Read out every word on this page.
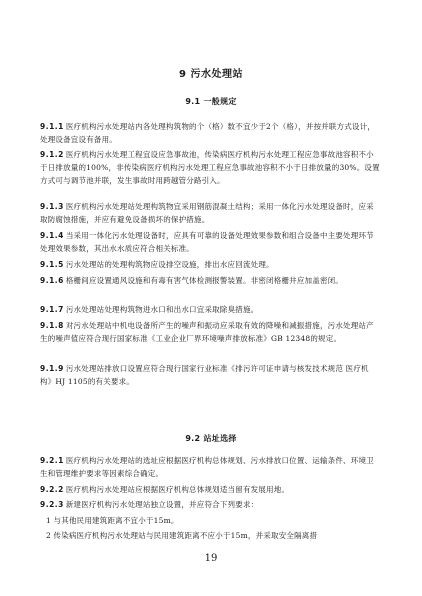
9 污水处理站
9.1 一般规定
9.1.1 医疗机构污水处理站内各处理构筑物的个（格）数不宜少于2个（格），并按并联方式设计，处理设备宜设有备用。
9.1.2 医疗机构污水处理工程宜设应急事故池，传染病医疗机构污水处理工程应急事故池容积不小于日排放量的100%，非传染病医疗机构污水处理工程应急事故池容积不小于日排放量的30%。设置方式可与调节池并联，发生事故时用跨越管分路引入。
9.1.3 医疗机构污水处理站处理构筑物宜采用钢筋混凝土结构；采用一体化污水处理设备时，应采取防腐蚀措施，并应有避免设备损坏的保护措施。
9.1.4 当采用一体化污水处理设备时，应具有可靠的设备处理效果参数和组合设备中主要处理环节处理效果参数，其出水水质应符合相关标准。
9.1.5 污水处理站的处理构筑物应设排空设施，排出水应回流处理。
9.1.6 格栅间应设置通风设施和有毒有害气体检测报警装置。非密闭格栅井应加盖密闭。
9.1.7 污水处理站处理构筑物进水口和出水口宜采取除臭措施。
9.1.8 对污水处理站中机电设备所产生的噪声和振动应采取有效的降噪和减振措施，污水处理站产生的噪声值应符合现行国家标准《工业企业厂界环境噪声排放标准》GB 12348的规定。
9.1.9 污水处理站排放口设置应符合现行国家行业标准《排污许可证申请与核发技术规范 医疗机构》HJ 1105的有关要求。
9.2 站址选择
9.2.1 医疗机构污水处理站的选址应根据医疗机构总体规划、污水排放口位置、运输条件、环境卫生和管理维护要求等因素综合确定。
9.2.2 医疗机构污水处理站应根据医疗机构总体规划适当留有发展用地。
9.2.3 新建医疗机构污水处理站独立设置，并应符合下列要求：
1 与其他民用建筑距离不宜小于15m。
2 传染病医疗机构污水处理站与民用建筑距离不应小于15m，并采取安全隔离措
19
